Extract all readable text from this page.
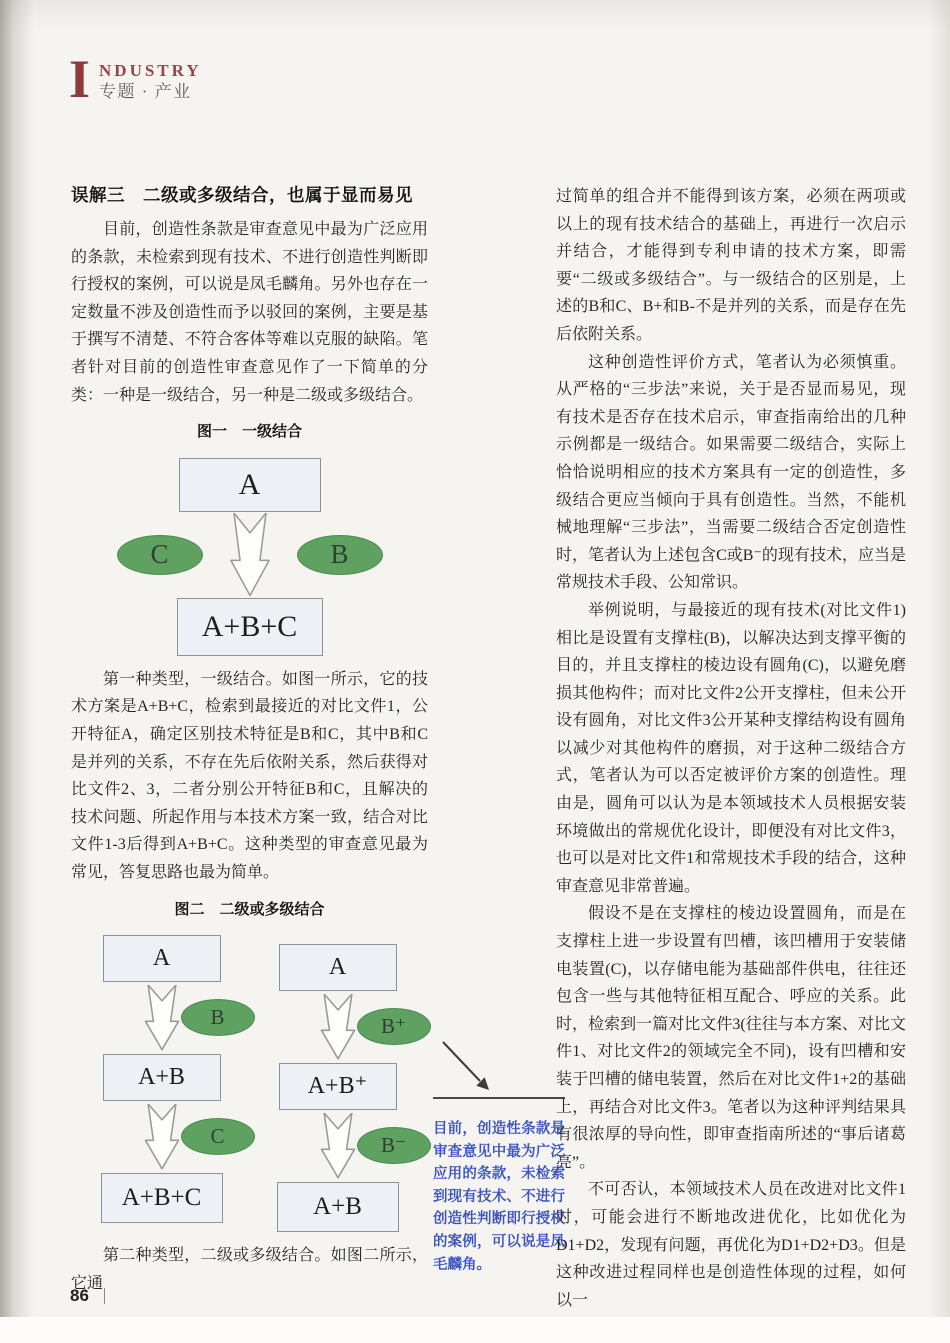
I NDUSTRY
专题 · 产业
误解三　二级或多级结合，也属于显而易见

目前，创造性条款是审查意见中最为广泛应用的条款，未检索到现有技术、不进行创造性判断即行授权的案例，可以说是凤毛麟角。另外也存在一定数量不涉及创造性而予以驳回的案例，主要是基于撰写不清楚、不符合客体等难以克服的缺陷。笔者针对目前的创造性审查意见作了一下简单的分类：一种是一级结合，另一种是二级或多级结合。

图一　一级结合
A
C	B
A+B+C

第一种类型，一级结合。如图一所示，它的技术方案是A+B+C，检索到最接近的对比文件1，公开特征A，确定区别技术特征是B和C，其中B和C是并列的关系，不存在先后依附关系，然后获得对比文件2、3，二者分别公开特征B和C，且解决的技术问题、所起作用与本技术方案一致，结合对比文件1-3后得到A+B+C。这种类型的审查意见最为常见，答复思路也最为简单。

图二　二级或多级结合
A
B
A+B
C
A+B+C
A
B⁺
A+B⁺
B⁻
A+B

第二种类型，二级或多级结合。如图二所示，它通

目前，创造性条款是审查意见中最为广泛应用的条款，未检索到现有技术、不进行创造性判断即行授权的案例，可以说是凤毛麟角。

过简单的组合并不能得到该方案，必须在两项或以上的现有技术结合的基础上，再进行一次启示并结合，才能得到专利申请的技术方案，即需要“二级或多级结合”。与一级结合的区别是，上述的B和C、B+和B-不是并列的关系，而是存在先后依附关系。

这种创造性评价方式，笔者认为必须慎重。从严格的“三步法”来说，关于是否显而易见，现有技术是否存在技术启示，审查指南给出的几种示例都是一级结合。如果需要二级结合，实际上恰恰说明相应的技术方案具有一定的创造性，多级结合更应当倾向于具有创造性。当然，不能机械地理解“三步法”，当需要二级结合否定创造性时，笔者认为上述包含C或B⁻的现有技术，应当是常规技术手段、公知常识。

举例说明，与最接近的现有技术(对比文件1)相比是设置有支撑柱(B)，以解决达到支撑平衡的目的，并且支撑柱的棱边设有圆角(C)，以避免磨损其他构件；而对比文件2公开支撑柱，但未公开设有圆角，对比文件3公开某种支撑结构设有圆角以减少对其他构件的磨损，对于这种二级结合方式，笔者认为可以否定被评价方案的创造性。理由是，圆角可以认为是本领域技术人员根据安装环境做出的常规优化设计，即便没有对比文件3，也可以是对比文件1和常规技术手段的结合，这种审查意见非常普遍。

假设不是在支撑柱的棱边设置圆角，而是在支撑柱上进一步设置有凹槽，该凹槽用于安装储电装置(C)，以存储电能为基础部件供电，往往还包含一些与其他特征相互配合、呼应的关系。此时，检索到一篇对比文件3(往往与本方案、对比文件1、对比文件2的领域完全不同)，设有凹槽和安装于凹槽的储电装置，然后在对比文件1+2的基础上，再结合对比文件3。笔者以为这种评判结果具有很浓厚的导向性，即审查指南所述的“事后诸葛亮”。

不可否认，本领域技术人员在改进对比文件1时，可能会进行不断地改进优化，比如优化为D1+D2，发现有问题，再优化为D1+D2+D3。但是这种改进过程同样也是创造性体现的过程，如何以一

86
